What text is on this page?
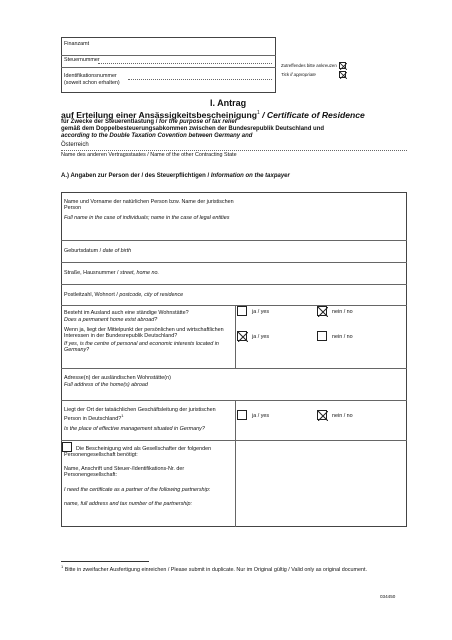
Finanzamt
Steuernummer
Identifikationsnummer
(soweit schon erhalten)
Zutreffendes bitte ankreuzen
Tick if appropriate
I. Antrag
auf Erteilung einer Ansässigkeitsbescheinigung$^1$ / Certificate of Residence
für Zwecke der Steuerentlastung / for the purpose of tax relief
gemäß dem Doppelbesteuerungsabkommen zwischen der Bundesrepublik Deutschland und
according to the Double Taxation Covention between Germany and
Österreich
Name des anderen Vertragsstaates / Name of the other Contracting State
A.) Angaben zur Person der / des Steuerpflichtigen / Information on the taxpayer
Name und Vorname der natürlichen Person bzw. Name der juristischen Person
Full name in the case of individuals; name in the case of legal entities
Geburtsdatum / date of birth
Straße, Hausnummer / street, home no.
Postleitzahl, Wohnort / postcode, city of residence
Besteht im Ausland auch eine ständige Wohnstätte?
Does a permanent home exist abroad?
Wenn ja, liegt der Mittelpunkt der persönlichen und wirtschaftlichen Interessen in der Bundesrepublik Deutschland?
If yes, is the centre of personal and economic interests located in Germany?
ja / yes	nein / no
ja / yes	nein / no
Adresse(n) der ausländischen Wohnstätte(n)
Full address of the home(s) abroad
Liegt der Ort der tatsächlichen Geschäftsleitung der juristischen Person in Deutschland?$^1$
Is the place of effective management situated in Germany?
ja / yes	nein / no
Die Bescheinigung wird als Gesellschafter der folgenden Personengesellschaft benötigt:
Name, Anschrift und Steuer-/Identifikations-Nr. der Personengesellschaft:
I need the certificate as a partner of the following partnership:
name, full address and tax number of the partnership:
$^1$ Bitte in zweifacher Ausfertigung einreichen / Please submit in duplicate. Nur im Original gültig / Valid only as original document.
034450
